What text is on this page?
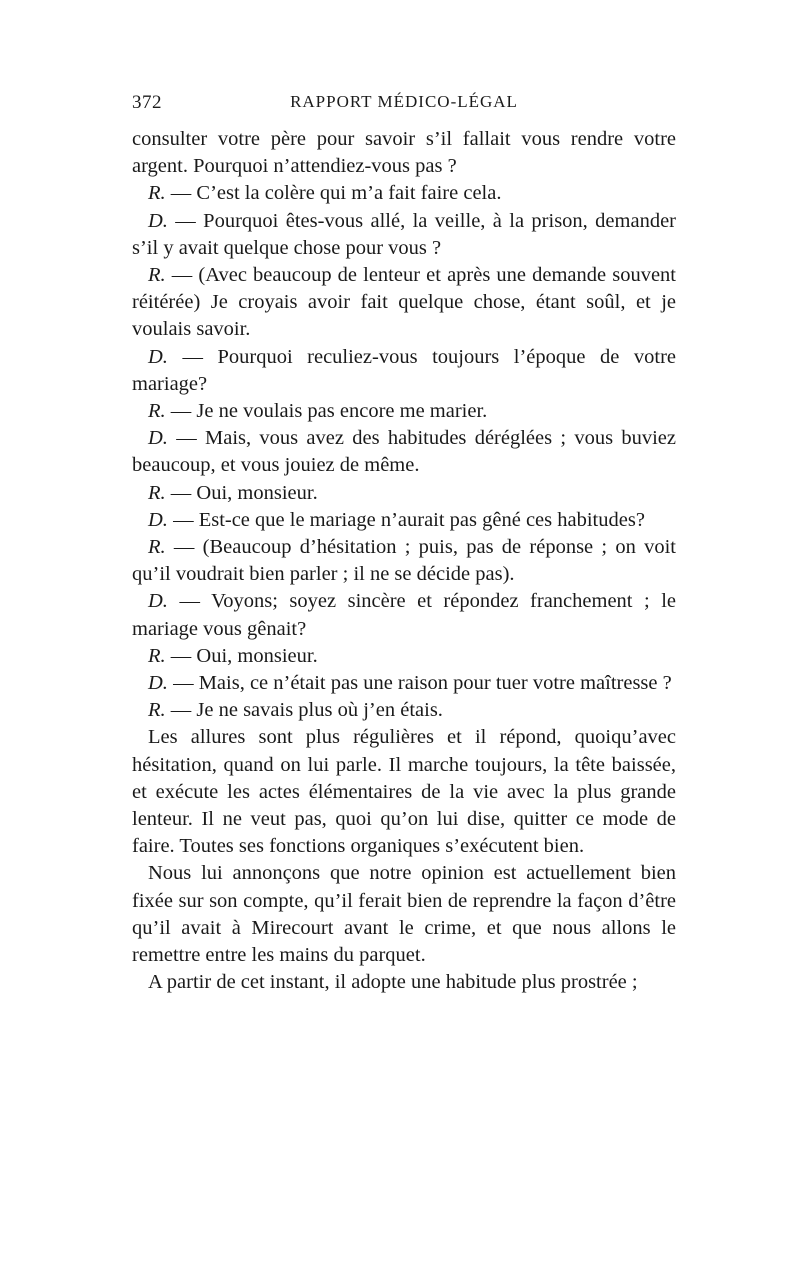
372	RAPPORT MÉDICO-LÉGAL

consulter votre père pour savoir s’il fallait vous rendre votre argent. Pourquoi n’attendiez-vous pas ?

R. — C’est la colère qui m’a fait faire cela.

D. — Pourquoi êtes-vous allé, la veille, à la prison, demander s’il y avait quelque chose pour vous ?

R. — (Avec beaucoup de lenteur et après une demande souvent réitérée) Je croyais avoir fait quelque chose, étant soûl, et je voulais savoir.

D. — Pourquoi reculiez-vous toujours l’époque de votre mariage?

R. — Je ne voulais pas encore me marier.

D. — Mais, vous avez des habitudes déréglées ; vous buviez beaucoup, et vous jouiez de même.

R. — Oui, monsieur.

D. — Est-ce que le mariage n’aurait pas gêné ces habitudes?

R. — (Beaucoup d’hésitation ; puis, pas de réponse ; on voit qu’il voudrait bien parler ; il ne se décide pas).

D. — Voyons; soyez sincère et répondez franchement ; le mariage vous gênait?

R. — Oui, monsieur.

D. — Mais, ce n’était pas une raison pour tuer votre maîtresse ?

R. — Je ne savais plus où j’en étais.

Les allures sont plus régulières et il répond, quoiqu’avec hésitation, quand on lui parle. Il marche toujours, la tête baissée, et exécute les actes élémentaires de la vie avec la plus grande lenteur. Il ne veut pas, quoi qu’on lui dise, quitter ce mode de faire. Toutes ses fonctions organiques s’exécutent bien.

Nous lui annonçons que notre opinion est actuellement bien fixée sur son compte, qu’il ferait bien de reprendre la façon d’être qu’il avait à Mirecourt avant le crime, et que nous allons le remettre entre les mains du parquet.

A partir de cet instant, il adopte une habitude plus prostrée ;
